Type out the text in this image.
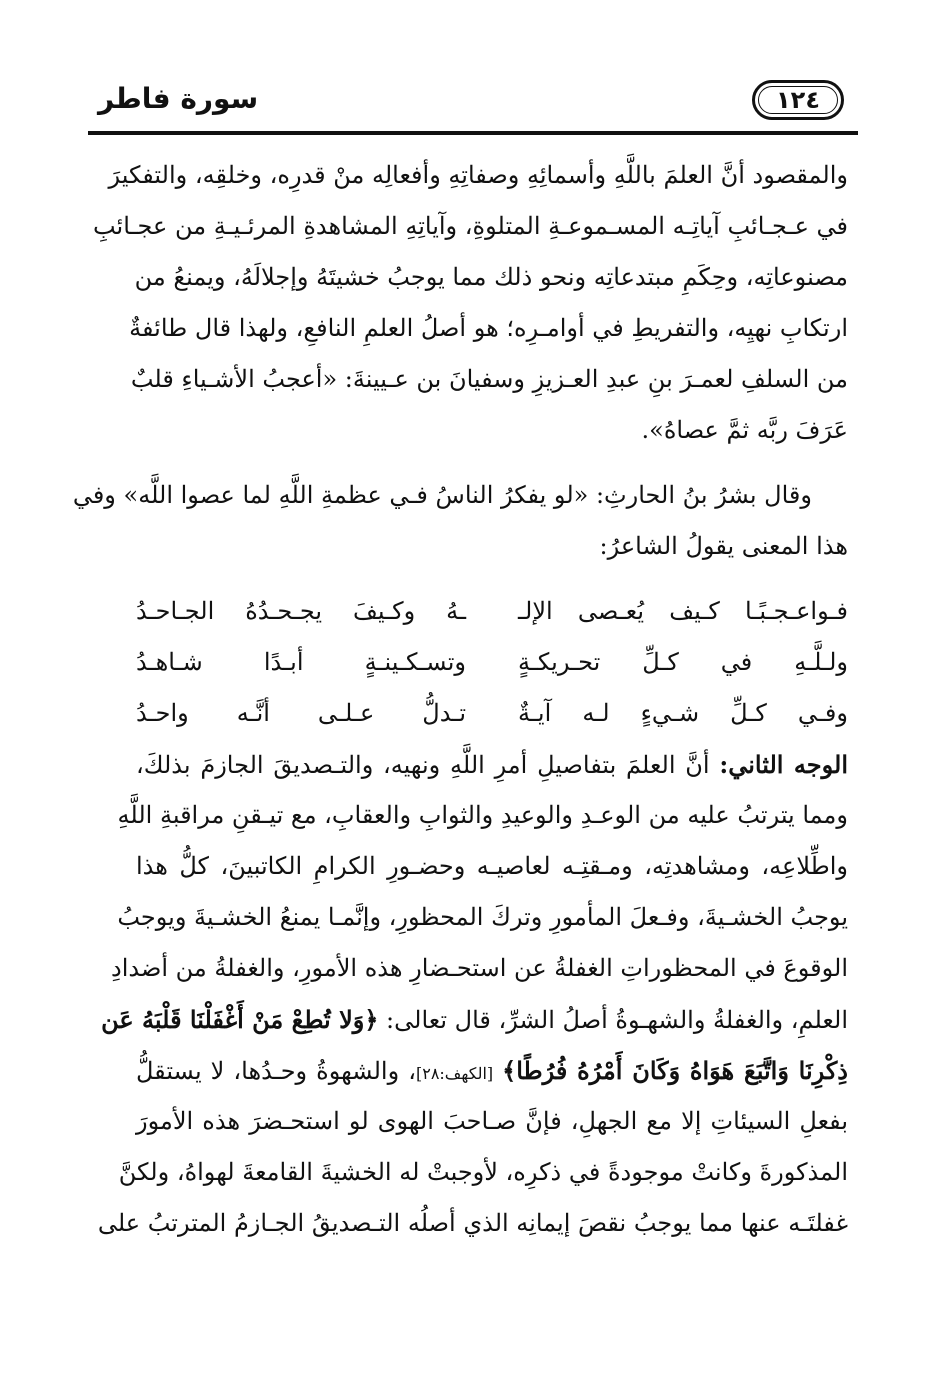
سورة فاطر	١٢٤
والمقصود أنَّ العلمَ باللَّهِ وأسمائِهِ وصفاتِهِ وأفعالِه منْ قدرِه، وخلقِه، والتفكيرَ
في عـجـائبِ آياتِـه المسـموعـةِ المتلوةِ، وآياتِهِ المشاهدةِ المرئـيـةِ من عجـائبِ
مصنوعاتِه، وحِكَمِ مبتدعاتِه ونحو ذلك مما يوجبُ خشيتَهُ وإجلالَهُ، ويمنعُ من
ارتكابِ نهيِه، والتفريطِ في أوامـرِه؛ هو أصلُ العلمِ النافعِ، ولهذا قال طائفةٌ
من السلفِ لعمـرَ بنِ عبدِ العـزيزِ وسفيانَ بن عـيينةَ: «أعجبُ الأشـياءِ قلبٌ
عَرَفَ ربَّه ثمَّ عصاهُ».
وقال بشرُ بنُ الحارثِ: «لو يفكرُ الناسُ فـي عظمةِ اللَّهِ لما عصوا اللَّه» وفي
هذا المعنى يقولُ الشاعرُ:
فـواعـجـبًـا كـيف يُعـصى الإلـ
ـهُ وكـيفَ يجـحـدُهُ الجـاحـدُ
ولـلَّـهِ في كـلِّ تحـريكـةٍ
وتسـكـينـةٍ أبـدًا شـاهـدُ
وفـي كـلِّ شـيءٍ لـه آيـةٌ
تـدلُّ عـلـى أنَّـه واحـدُ
الوجه الثاني: أنَّ العلمَ بتفاصيلِ أمرِ اللَّهِ ونهيه، والتـصديقَ الجازمَ بذلكَ،
ومما يترتبُ عليه من الوعـدِ والوعيدِ والثوابِ والعقابِ، مع تيـقنِ مراقبةِ اللَّهِ
واطِّلاعِه، ومشاهدتِه، ومـقتِـه لعاصيـه وحضـورِ الكرامِ الكاتبينَ، كلُّ هذا
يوجبُ الخشـيةَ، وفـعلَ المأمورِ وتركَ المحظورِ، وإنَّمـا يمنعُ الخشـيةَ ويوجبُ
الوقوعَ في المحظوراتِ الغفلةُ عن استحـضارِ هذه الأمورِ، والغفلةُ من أضدادِ
العلمِ، والغفلةُ والشهـوةُ أصلُ الشرِّ، قال تعالى: ﴿وَلا تُطِعْ مَنْ أَغْفَلْنَا قَلْبَهُ عَن
ذِكْرِنَا وَاتَّبَعَ هَوَاهُ وَكَانَ أَمْرُهُ فُرُطًا﴾ [الكهف:٢٨]، والشهوةُ وحـدُها، لا يستقلُّ
بفعلِ السيئاتِ إلا مع الجهلِ، فإنَّ صـاحبَ الهوى لو استحـضرَ هذه الأمورَ
المذكورةَ وكانتْ موجودةً في ذكرِه، لأوجبتْ له الخشيةَ القامعةَ لهواهُ، ولكنَّ
غفلتَـه عنها مما يوجبُ نقصَ إيمانِه الذي أصلُه التـصديقُ الجـازمُ المترتبُ على
